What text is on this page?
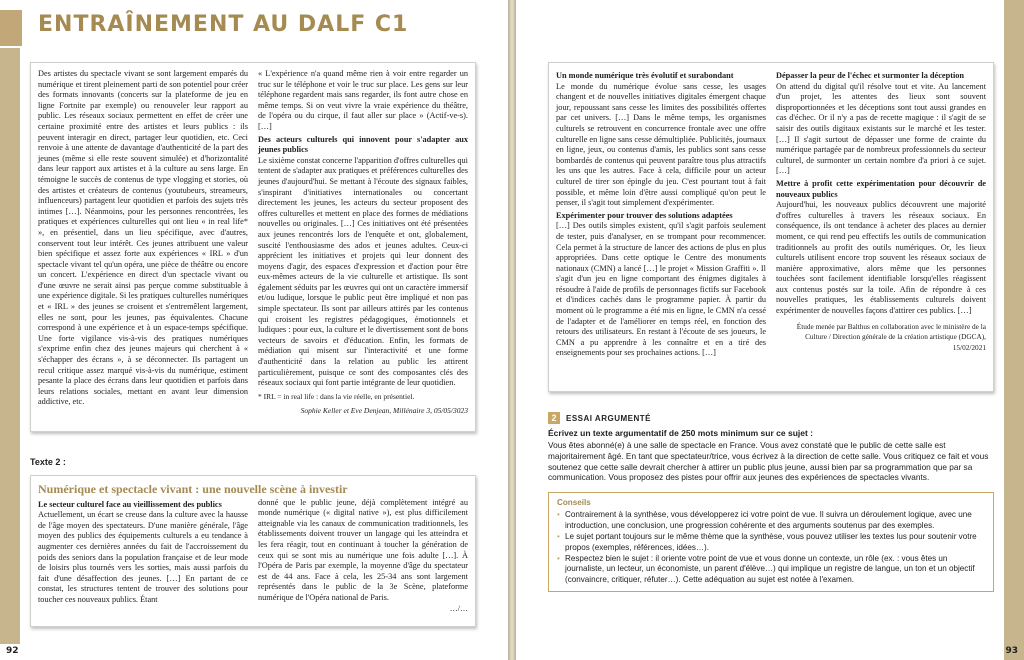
ENTRAÎNEMENT AU DALF C1

Des artistes du spectacle vivant se sont largement emparés du numérique et tirent pleinement parti de son potentiel pour créer des formats innovants (concerts sur la plateforme de jeu en ligne Fortnite par exemple) ou renouveler leur rapport au public. Les réseaux sociaux permettent en effet de créer une certaine proximité entre des artistes et leurs publics : ils peuvent interagir en direct, partager leur quotidien, etc. Ceci renvoie à une attente de davantage d'authenticité de la part des jeunes (même si elle reste souvent simulée) et d'horizontalité dans leur rapport aux artistes et à la culture au sens large. En témoigne le succès de contenus de type vlogging et stories, où des artistes et créateurs de contenus (youtubeurs, streameurs, influenceurs) partagent leur quotidien et parfois des sujets très intimes […]. Néanmoins, pour les personnes rencontrées, les pratiques et expériences culturelles qui ont lieu « in real life* », en présentiel, dans un lieu spécifique, avec d'autres, conservent tout leur intérêt. Ces jeunes attribuent une valeur bien spécifique et assez forte aux expériences « IRL » d'un spectacle vivant tel qu'un opéra, une pièce de théâtre ou encore un concert. L'expérience en direct d'un spectacle vivant ou d'une œuvre ne serait ainsi pas perçue comme substituable à une expérience digitale. Si les pratiques culturelles numériques et « IRL » des jeunes se croisent et s'entremêlent largement, elles ne sont, pour les jeunes, pas équivalentes. Chacune correspond à une expérience et à un espace-temps spécifique. Une forte vigilance vis-à-vis des pratiques numériques s'exprime enfin chez des jeunes majeurs qui cherchent à « s'échapper des écrans », à se déconnecter. Ils partagent un recul critique assez marqué vis-à-vis du numérique, estiment pesante la place des écrans dans leur quotidien et parfois dans leurs relations sociales, mettant en avant leur dimension addictive, etc.

« L'expérience n'a quand même rien à voir entre regarder un truc sur le téléphone et voir le truc sur place. Les gens sur leur téléphone regardent mais sans regarder, ils font autre chose en même temps. Si on veut vivre la vraie expérience du théâtre, de l'opéra ou du cirque, il faut aller sur place » (Actif-ve-s). […]

Des acteurs culturels qui innovent pour s'adapter aux jeunes publics

Le sixième constat concerne l'apparition d'offres culturelles qui tentent de s'adapter aux pratiques et préférences culturelles des jeunes d'aujourd'hui. Se mettant à l'écoute des signaux faibles, s'inspirant d'initiatives internationales ou concertant directement les jeunes, les acteurs du secteur proposent des offres culturelles et mettent en place des formes de médiations nouvelles ou originales. […] Ces initiatives ont été présentées aux jeunes rencontrés lors de l'enquête et ont, globalement, suscité l'enthousiasme des ados et jeunes adultes. Ceux-ci apprécient les initiatives et projets qui leur donnent des moyens d'agir, des espaces d'expression et d'action pour être eux-mêmes acteurs de la vie culturelle et artistique. Ils sont également séduits par les œuvres qui ont un caractère immersif et/ou ludique, lorsque le public peut être impliqué et non pas simple spectateur. Ils sont par ailleurs attirés par les contenus qui croisent les registres pédagogiques, émotionnels et ludiques : pour eux, la culture et le divertissement sont de bons vecteurs de savoirs et d'éducation. Enfin, les formats de médiation qui misent sur l'interactivité et une forme d'authenticité dans la relation au public les attirent particulièrement, puisque ce sont des composantes clés des réseaux sociaux qui font partie intégrante de leur quotidien.

* IRL = in real life : dans la vie réelle, en présentiel.

Sophie Keller et Eve Denjean, Millénaire 3, 05/05/3023

Texte 2 :
Numérique et spectacle vivant : une nouvelle scène à investir

Le secteur culturel face au vieillissement des publics

Actuellement, un écart se creuse dans la culture avec la hausse de l'âge moyen des spectateurs. D'une manière générale, l'âge moyen des publics des équipements culturels a eu tendance à augmenter ces dernières années du fait de l'accroissement du poids des seniors dans la population française et de leur mode de loisirs plus tournés vers les sorties, mais aussi parfois du fait d'une désaffection des jeunes. […] En partant de ce constat, les structures tentent de trouver des solutions pour toucher ces nouveaux publics. Étant

donné que le public jeune, déjà complètement intégré au monde numérique (« digital native »), est plus difficilement atteignable via les canaux de communication traditionnels, les établissements doivent trouver un langage qui les atteindra et les fera réagir, tout en continuant à toucher la génération de ceux qui se sont mis au numérique une fois adulte […]. À l'Opéra de Paris par exemple, la moyenne d'âge du spectateur est de 44 ans. Face à cela, les 25-34 ans sont largement représentés dans le public de la 3e Scène, plateforme numérique de l'Opéra national de Paris.

…/…

92

Un monde numérique très évolutif et surabondant

Le monde du numérique évolue sans cesse, les usages changent et de nouvelles initiatives digitales émergent chaque jour, repoussant sans cesse les limites des possibilités offertes par cet univers. […] Dans le même temps, les organismes culturels se retrouvent en concurrence frontale avec une offre culturelle en ligne sans cesse démultipliée. Publicités, journaux en ligne, jeux, ou contenus d'amis, les publics sont sans cesse bombardés de contenus qui peuvent paraître tous plus attractifs les uns que les autres. Face à cela, difficile pour un acteur culturel de tirer son épingle du jeu. C'est pourtant tout à fait possible, et même loin d'être aussi compliqué qu'on peut le penser, il s'agit tout simplement d'expérimenter.

Expérimenter pour trouver des solutions adaptées

[…] Des outils simples existent, qu'il s'agit parfois seulement de tester, puis d'analyser, en se trompant pour recommencer. Cela permet à la structure de lancer des actions de plus en plus appropriées. Dans cette optique le Centre des monuments nationaux (CMN) a lancé […] le projet « Mission Graffiti ». Il s'agit d'un jeu en ligne comportant des énigmes digitales à résoudre à l'aide de profils de personnages fictifs sur Facebook et d'indices cachés dans le programme papier. À partir du moment où le programme a été mis en ligne, le CMN n'a cessé de l'adapter et de l'améliorer en temps réel, en fonction des retours des utilisateurs. En restant à l'écoute de ses joueurs, le CMN a pu apprendre à les connaître et en a tiré des enseignements pour ses prochaines actions. […]

Dépasser la peur de l'échec et surmonter la déception

On attend du digital qu'il résolve tout et vite. Au lancement d'un projet, les attentes des lieux sont souvent disproportionnées et les déceptions sont tout aussi grandes en cas d'échec. Or il n'y a pas de recette magique : il s'agit de se saisir des outils digitaux existants sur le marché et les tester. […] Il s'agit surtout de dépasser une forme de crainte du numérique partagée par de nombreux professionnels du secteur culturel, de surmonter un certain nombre d'a priori à ce sujet. […]

Mettre à profit cette expérimentation pour découvrir de nouveaux publics

Aujourd'hui, les nouveaux publics découvrent une majorité d'offres culturelles à travers les réseaux sociaux. En conséquence, ils ont tendance à acheter des places au dernier moment, ce qui rend peu effectifs les outils de communication traditionnels au profit des outils numériques. Or, les lieux culturels utilisent encore trop souvent les réseaux sociaux de manière approximative, alors même que les personnes touchées sont facilement identifiable lorsqu'elles réagissent aux contenus postés sur la toile. Afin de répondre à ces nouvelles pratiques, les établissements culturels doivent expérimenter de nouvelles façons d'attirer ces publics. […]

Étude menée par Balthus en collaboration avec le ministère de la Culture / Direction générale de la création artistique (DGCA), 15/02/2021

2	ESSAI ARGUMENTÉ

Écrivez un texte argumentatif de 250 mots minimum sur ce sujet :

Vous êtes abonné(e) à une salle de spectacle en France. Vous avez constaté que le public de cette salle est majoritairement âgé. En tant que spectateur/trice, vous écrivez à la direction de cette salle. Vous critiquez ce fait et vous soutenez que cette salle devrait chercher à attirer un public plus jeune, aussi bien par sa programmation que par sa communication. Vous proposez des pistes pour offrir aux jeunes des expériences de spectacles vivants.

Conseils

• Contrairement à la synthèse, vous développerez ici votre point de vue. Il suivra un déroulement logique, avec une introduction, une conclusion, une progression cohérente et des arguments soutenus par des exemples.
• Le sujet portant toujours sur le même thème que la synthèse, vous pouvez utiliser les textes lus pour soutenir votre propos (exemples, références, idées…).
• Respectez bien le sujet : il oriente votre point de vue et vous donne un contexte, un rôle (ex. : vous êtes un journaliste, un lecteur, un économiste, un parent d'élève…) qui implique un registre de langue, un ton et un objectif (convaincre, critiquer, réfuter…). Cette adéquation au sujet est notée à l'examen.
93
